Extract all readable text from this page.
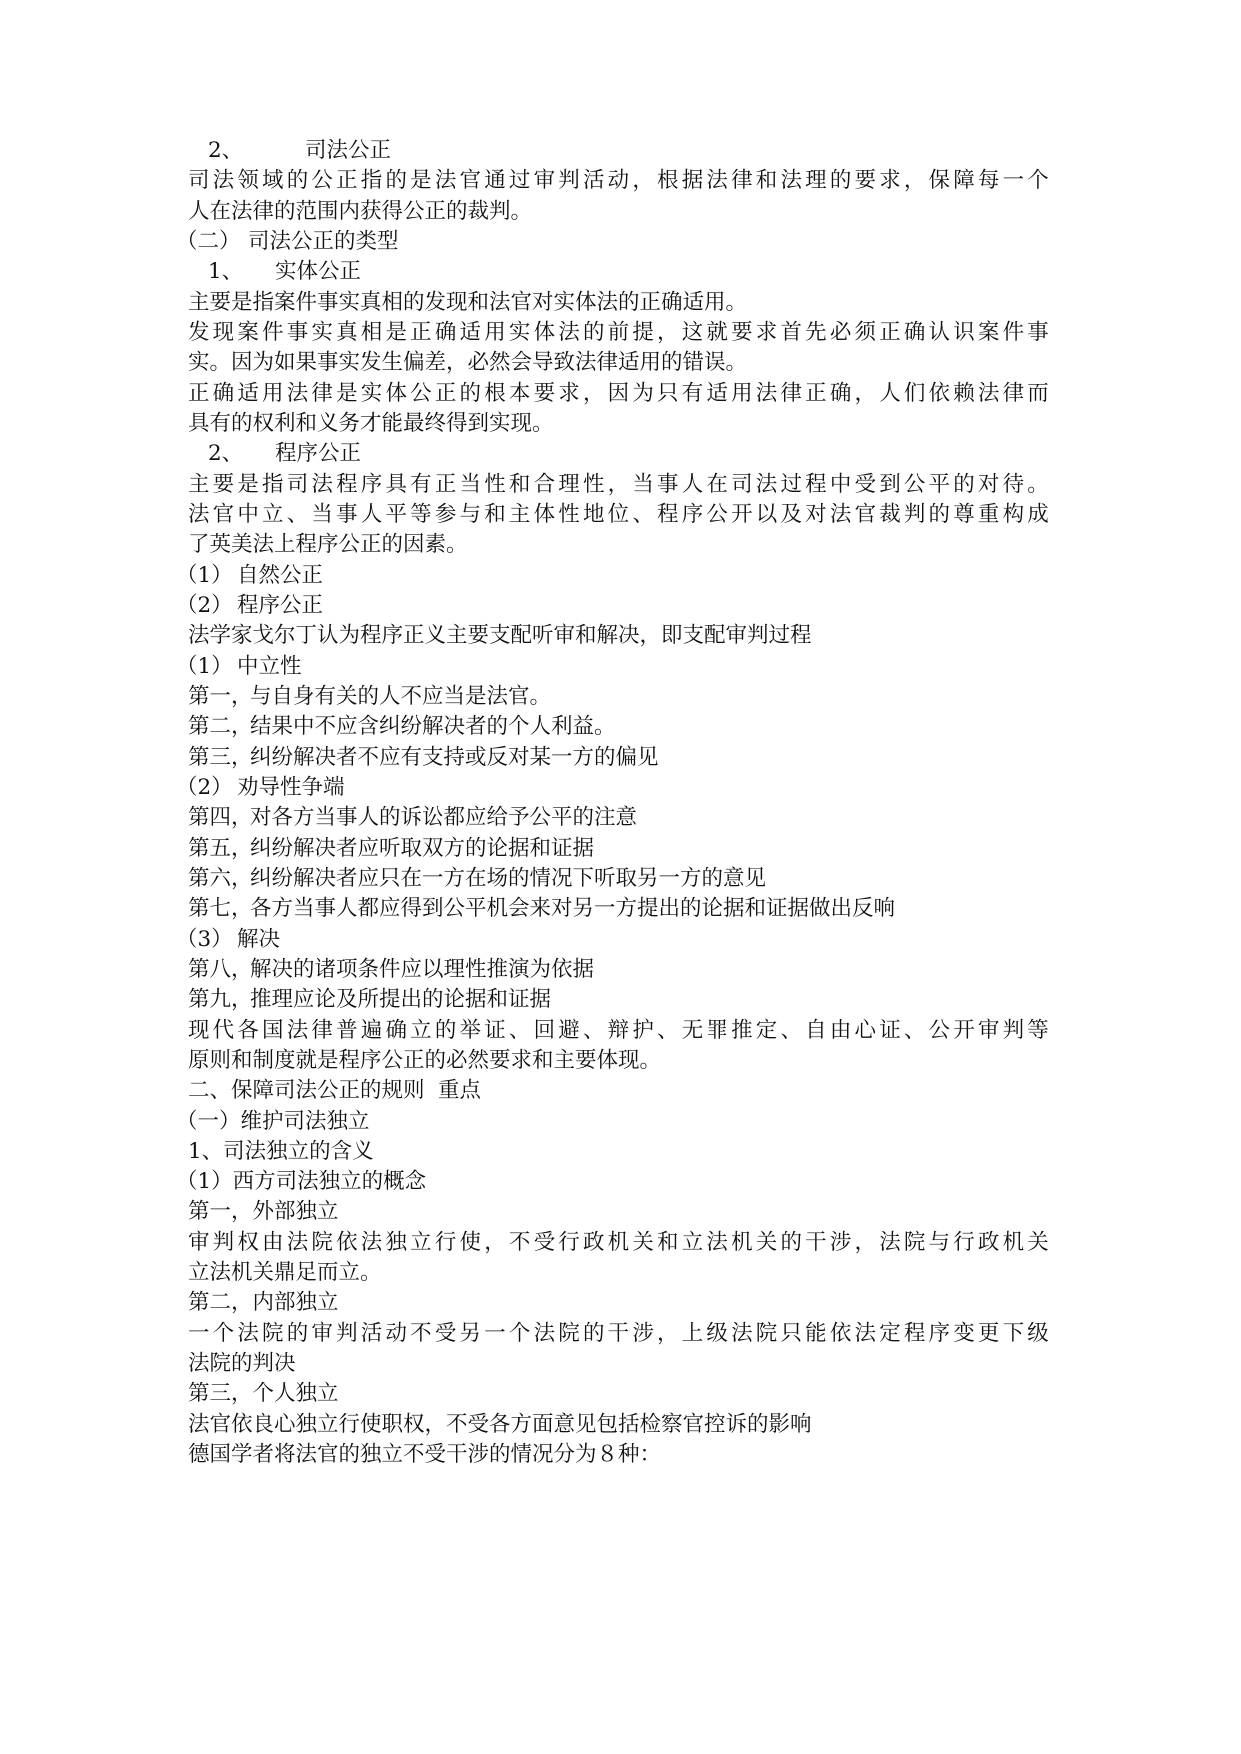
2、	司法公正
司法领域的公正指的是法官通过审判活动，根据法律和法理的要求，保障每一个
人在法律的范围内获得公正的裁判。
（二） 司法公正的类型
1、 实体公正
主要是指案件事实真相的发现和法官对实体法的正确适用。
发现案件事实真相是正确适用实体法的前提，这就要求首先必须正确认识案件事
实。因为如果事实发生偏差，必然会导致法律适用的错误。
正确适用法律是实体公正的根本要求，因为只有适用法律正确，人们依赖法律而
具有的权利和义务才能最终得到实现。
2、 程序公正
主要是指司法程序具有正当性和合理性，当事人在司法过程中受到公平的对待。
法官中立、当事人平等参与和主体性地位、程序公开以及对法官裁判的尊重构成
了英美法上程序公正的因素。
（1） 自然公正
（2） 程序公正
法学家戈尔丁认为程序正义主要支配听审和解决，即支配审判过程
（1） 中立性
第一，
与自身有关的人不应当是法官。
第二，
结果中不应含纠纷解决者的个人利益。
第三，
纠纷解决者不应有支持或反对某一方的偏见
（2） 劝导性争端
第四，
对各方当事人的诉讼都应给予公平的注意
第五，
纠纷解决者应听取双方的论据和证据
第六，
纠纷解决者应只在一方在场的情况下听取另一方的意见
第七，
各方当事人都应得到公平机会来对另一方提出的论据和证据做出反响
（3） 解决
第八，
解决的诸项条件应以理性推演为依据
第九，
推理应论及所提出的论据和证据
现代各国法律普遍确立的举证、回避、辩护、无罪推定、自由心证、公开审判等
原则和制度就是程序公正的必然要求和主要体现。
二、保障司法公正的规则 重点
（一）维护司法独立
1、司法独立的含义
（1）西方司法独立的概念
第一，外部独立
审判权由法院依法独立行使，不受行政机关和立法机关的干涉，法院与行政机关
立法机关鼎足而立。
第二，内部独立
一个法院的审判活动不受另一个法院的干涉，上级法院只能依法定程序变更下级
法院的判决
第三，个人独立
法官依良心独立行使职权，不受各方面意见包括检察官控诉的影响
德国学者将法官的独立不受干涉的情况分为８种：
